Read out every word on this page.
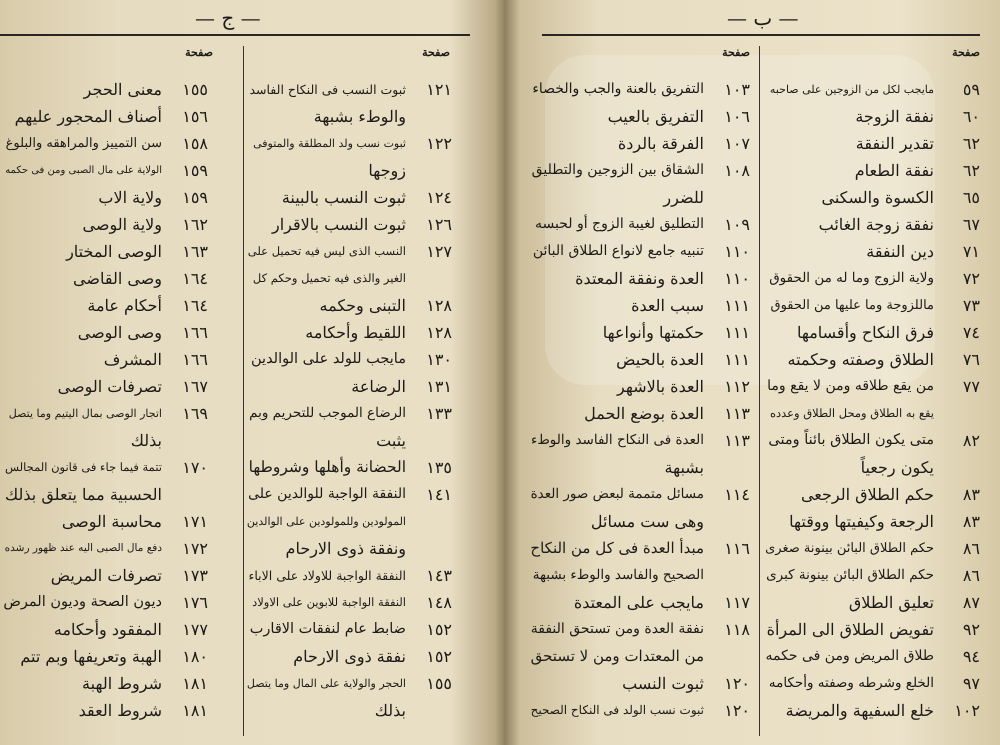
— ج —
صفحة
صفحة
١٢١
ثبوت النسب فى النكاح الفاسد
والوطء بشبهة
١٢٢
ثبوت نسب ولد المطلقة والمتوفى
زوجها
١٢٤
ثبوت النسب بالبينة
١٢٦
ثبوت النسب بالاقرار
١٢٧
النسب الذى ليس فيه تحميل على
الغير والذى فيه تحميل وحكم كل
١٢٨
التبنى وحكمه
١٢٨
اللقيط وأحكامه
١٣٠
مايجب للولد على الوالدين
١٣١
الرضاعة
١٣٣
الرضاع الموجب للتحريم وبم
يثبت
١٣٥
الحضانة وأهلها وشروطها
١٤١
النفقة الواجبة للوالدين على
المولودين وللمولودين على الوالدين
ونفقة ذوى الارحام
١٤٣
النفقة الواجبة للاولاد على الاباء
١٤٨
النفقة الواجبة للابوين على الاولاد
١٥٢
ضابط عام لنفقات الاقارب
١٥٢
نفقة ذوى الارحام
١٥٥
الحجر والولاية على المال وما يتصل
بذلك
١٥٥
معنى الحجر
١٥٦
أصناف المحجور عليهم
١٥٨
سن التمييز والمراهقه والبلوغ
١٥٩
الولاية على مال الصبى ومن فى حكمه
١٥٩
ولاية الاب
١٦٢
ولاية الوصى
١٦٣
الوصى المختار
١٦٤
وصى القاضى
١٦٤
أحكام عامة
١٦٦
وصى الوصى
١٦٦
المشرف
١٦٧
تصرفات الوصى
١٦٩
اتجار الوصى بمال اليتيم وما يتصل
بذلك
١٧٠
تتمة فيما جاء فى قانون المجالس
الحسبية مما يتعلق بذلك
١٧١
محاسبة الوصى
١٧٢
دفع مال الصبى اليه عند ظهور رشده
١٧٣
تصرفات المريض
١٧٦
ديون الصحة وديون المرض
١٧٧
المفقود وأحكامه
١٨٠
الهبة وتعريفها وبم تتم
١٨١
شروط الهبة
١٨١
شروط العقد
— ب —
صفحة
صفحة
٥٩
مايجب لكل من الزوجين على صاحبه
٦٠
نفقة الزوجة
٦٢
تقدير النفقة
٦٢
نفقة الطعام
٦٥
الكسوة والسكنى
٦٧
نفقة زوجة الغائب
٧١
دين النفقة
٧٢
ولاية الزوج وما له من الحقوق
٧٣
ماللزوجة وما عليها من الحقوق
٧٤
فرق النكاح وأقسامها
٧٦
الطلاق وصفته وحكمته
٧٧
من يقع طلاقه ومن لا يقع وما
يقع به الطلاق ومحل الطلاق وعدده
٨٢
متى يكون الطلاق بائناً ومتى
يكون رجعياً
٨٣
حكم الطلاق الرجعى
٨٣
الرجعة وكيفيتها ووقتها
٨٦
حكم الطلاق البائن بينونة صغرى
٨٦
حكم الطلاق البائن بينونة كبرى
٨٧
تعليق الطلاق
٩٢
تفويض الطلاق الى المرأة
٩٤
طلاق المريض ومن فى حكمه
٩٧
الخلع وشرطه وصفته وأحكامه
١٠٢
خلع السفيهة والمريضة
١٠٣
التفريق بالعنة والجب والخصاء
١٠٦
التفريق بالعيب
١٠٧
الفرقة بالردة
١٠٨
الشقاق بين الزوجين والتطليق
للضرر
١٠٩
التطليق لغيبة الزوج أو لحبسه
١١٠
تنبيه جامع لانواع الطلاق البائن
١١٠
العدة ونفقة المعتدة
١١١
سبب العدة
١١١
حكمتها وأنواعها
١١١
العدة بالحيض
١١٢
العدة بالاشهر
١١٣
العدة بوضع الحمل
١١٣
العدة فى النكاح الفاسد والوطء
بشبهة
١١٤
مسائل متممة لبعض صور العدة
وهى ست مسائل
١١٦
مبدأ العدة فى كل من النكاح
الصحيح والفاسد والوطء بشبهة
١١٧
مايجب على المعتدة
١١٨
نفقة العدة ومن تستحق النفقة
من المعتدات ومن لا تستحق
١٢٠
ثبوت النسب
١٢٠
ثبوت نسب الولد فى النكاح الصحيح
